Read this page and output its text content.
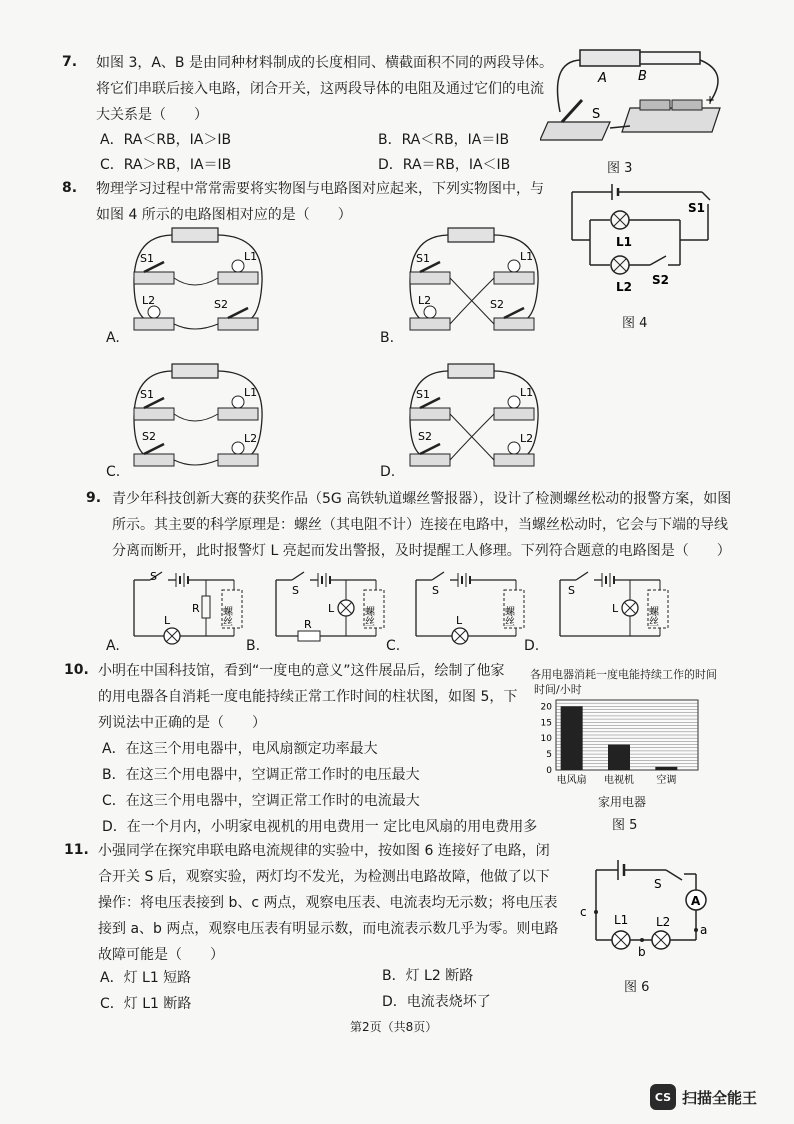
7. 如图 3，A、B 是由同种材料制成的长度相同、横截面积不同的两段导体。
将它们串联后接入电路，闭合开关，这两段导体的电阻及通过它们的电流
大关系是（　　）
A．RA＜RB，IA＞IB	B．RA＜RB，IA＝IB
C．RA＞RB，IA＝IB	D．RA＝RB，IA＜IB
A B
S
+
图 3
8. 物理学习过程中常常需要将实物图与电路图对应起来，下列实物图中，与
如图 4 所示的电路图相对应的是（　　）	S1
L1
L2 S2
图 4
S1	L1
L2	S2
A.
S1	L1
L2	S2
B.
S1	L1
S2	L2
C.
S1	L1
S2	L2
D.
9. 青少年科技创新大赛的获奖作品（5G 高铁轨道螺丝警报器），设计了检测螺丝松动的报警方案，如图
所示。其主要的科学原理是：螺丝（其电阻不计）连接在电路中，当螺丝松动时，它会与下端的导线
分离而断开，此时报警灯 L 亮起而发出警报，及时提醒工人修理。下列符合题意的电路图是（　　）
S
L
R 螺丝
A.
S
R
L	螺丝
B.
S
L	螺丝
C.
S
L	螺丝
D.
10. 小明在中国科技馆，看到“一度电的意义”这件展品后，绘制了他家
的用电器各自消耗一度电能持续正常工作时间的柱状图，如图 5，下
列说法中正确的是（　　）
A．在这三个用电器中，电风扇额定功率最大
B．在这三个用电器中，空调正常工作时的电压最大
C．在这三个用电器中，空调正常工作时的电流最大
D．在一个月内，小明家电视机的用电费用一 定比电风扇的用电费用多
各用电器消耗一度电能持续工作的时间
时间/小时
0
5
10
15
20
电风扇 电视机 空调
家用电器
图 5
11. 小强同学在探究串联电路电流规律的实验中，按如图 6 连接好了电路，闭
合开关 S 后，观察实验，两灯均不发光，为检测出电路故障，他做了以下
操作：将电压表接到 b、c 两点，观察电压表、电流表均无示数；将电压表
接到 a、b 两点，观察电压表有明显示数，而电流表示数几乎为零。则电路
故障可能是（　　）
A．灯 L1 短路	B．灯 L2 断路
C．灯 L1 断路	D．电流表烧坏了
S
A
a
c
L1
b
L2
图 6
第2页（共8页）
CS 扫描全能王
